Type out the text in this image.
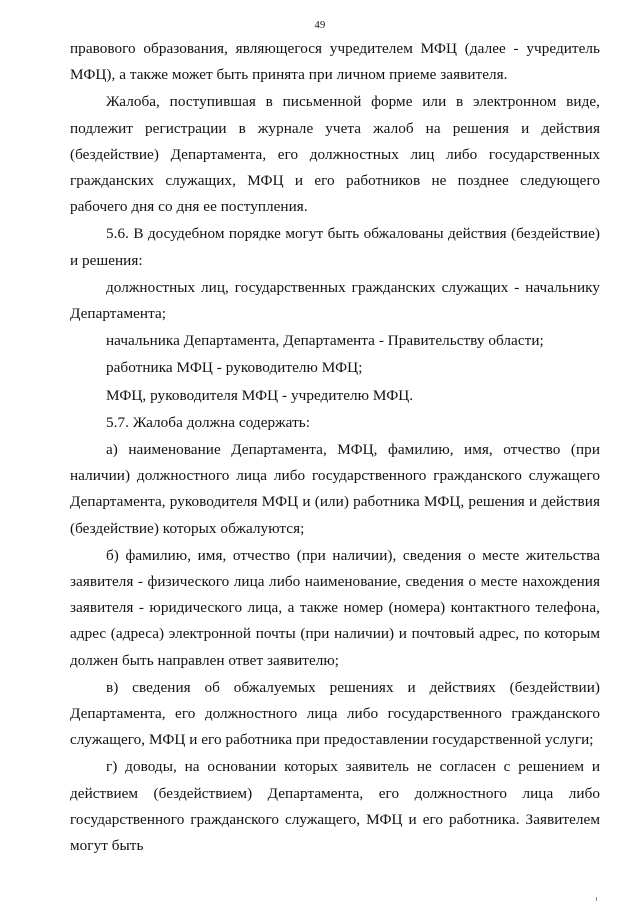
49

правового образования, являющегося учредителем МФЦ (далее - учредитель МФЦ), а также может быть принята при личном приеме заявителя.

Жалоба, поступившая в письменной форме или в электронном виде, подлежит регистрации в журнале учета жалоб на решения и действия (бездействие) Департамента, его должностных лиц либо государственных гражданских служащих, МФЦ и его работников не позднее следующего рабочего дня со дня ее поступления.

5.6. В досудебном порядке могут быть обжалованы действия (бездействие) и решения:

должностных лиц, государственных гражданских служащих - начальнику Департамента;

начальника Департамента, Департамента - Правительству области;

работника МФЦ - руководителю МФЦ;

МФЦ, руководителя МФЦ - учредителю МФЦ.

5.7. Жалоба должна содержать:

а) наименование Департамента, МФЦ, фамилию, имя, отчество (при наличии) должностного лица либо государственного гражданского служащего Департамента, руководителя МФЦ и (или) работника МФЦ, решения и действия (бездействие) которых обжалуются;

б) фамилию, имя, отчество (при наличии), сведения о месте жительства заявителя - физического лица либо наименование, сведения о месте нахождения заявителя - юридического лица, а также номер (номера) контактного телефона, адрес (адреса) электронной почты (при наличии) и почтовый адрес, по которым должен быть направлен ответ заявителю;

в) сведения об обжалуемых решениях и действиях (бездействии) Департамента, его должностного лица либо государственного гражданского служащего, МФЦ и его работника при предоставлении государственной услуги;

г) доводы, на основании которых заявитель не согласен с решением и действием (бездействием) Департамента, его должностного лица либо государственного гражданского служащего, МФЦ и его работника. Заявителем могут быть
